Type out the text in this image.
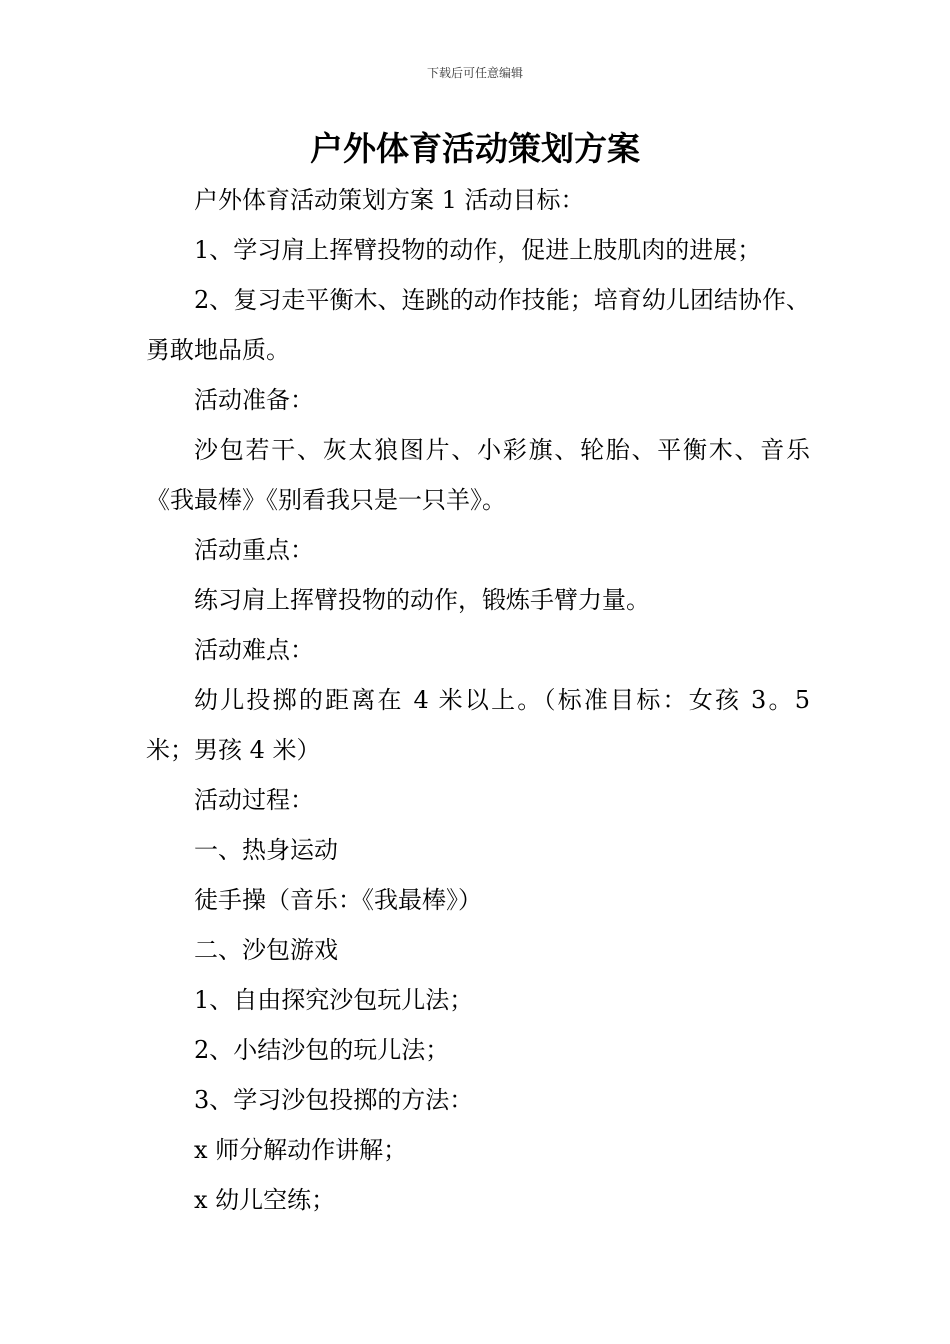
下载后可任意编辑
户外体育活动策划方案

户外体育活动策划方案 1 活动目标：

1、学习肩上挥臂投物的动作，促进上肢肌肉的进展；

2、复习走平衡木、连跳的动作技能；培育幼儿团结协作、勇敢地品质。

活动准备：

沙包若干、灰太狼图片、小彩旗、轮胎、平衡木、音乐《我最棒》《别看我只是一只羊》。

活动重点：

练习肩上挥臂投物的动作，锻炼手臂力量。

活动难点：

幼儿投掷的距离在 4 米以上。（标准目标：女孩 3。5 米；男孩 4 米）

活动过程：

一、热身运动

徒手操（音乐：《我最棒》）

二、沙包游戏

1、自由探究沙包玩儿法；

2、小结沙包的玩儿法；

3、学习沙包投掷的方法：

x 师分解动作讲解；

x 幼儿空练；
